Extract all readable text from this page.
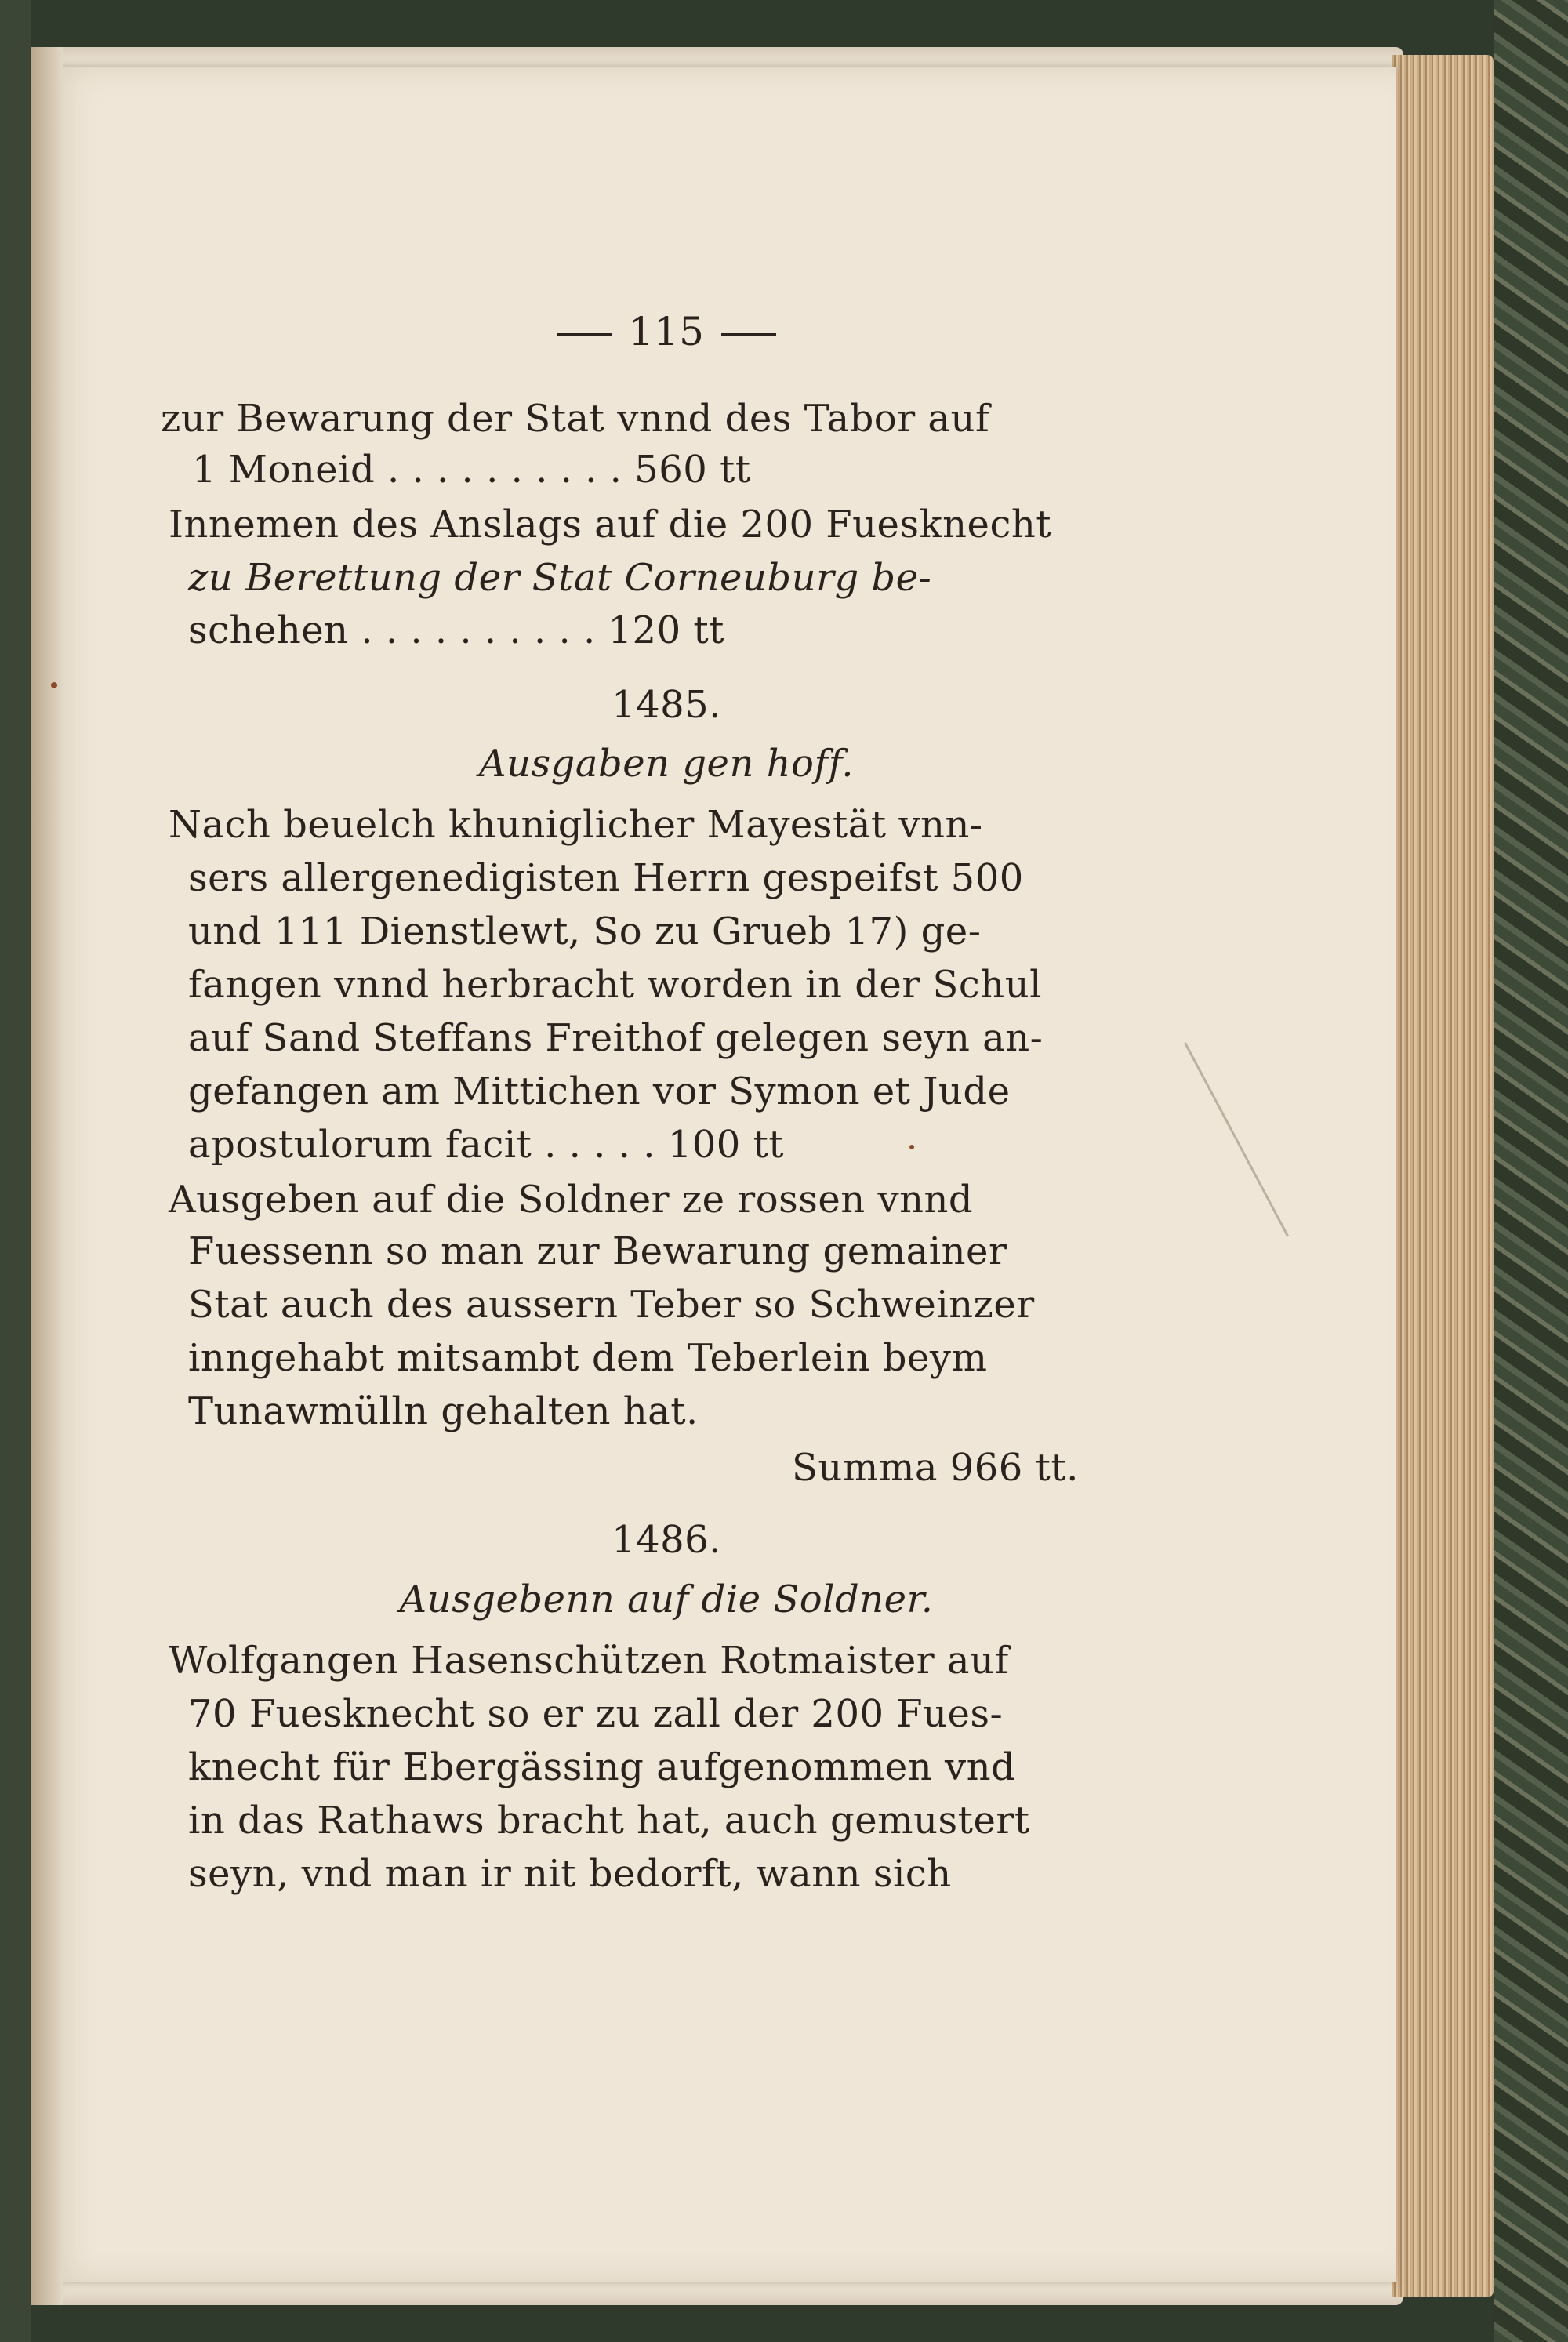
115
zur Bewarung der Stat vnnd des Tabor auf
1 Moneid . . . . . . . . . . 560 tt
Innemen des Anslags auf die 200 Fuesknecht
zu Berettung der Stat Corneuburg be-
schehen . . . . . . . . . . 120 tt
1485.
Ausgaben gen hoff.
Nach beuelch khuniglicher Mayestät vnn-
sers allergenedigisten Herrn gespeifst 500
und 111 Dienstlewt, So zu Grueb 17) ge-
fangen vnnd herbracht worden in der Schul
auf Sand Steffans Freithof gelegen seyn an-
gefangen am Mittichen vor Symon et Jude
apostulorum facit . . . . . 100 tt
Ausgeben auf die Soldner ze rossen vnnd
Fuessenn so man zur Bewarung gemainer
Stat auch des aussern Teber so Schweinzer
inngehabt mitsambt dem Teberlein beym
Tunawmülln gehalten hat.
Summa 966 tt.
1486.
Ausgebenn auf die Soldner.
Wolfgangen Hasenschützen Rotmaister auf
70 Fuesknecht so er zu zall der 200 Fues-
knecht für Ebergässing aufgenommen vnd
in das Rathaws bracht hat, auch gemustert
seyn, vnd man ir nit bedorft, wann sich
